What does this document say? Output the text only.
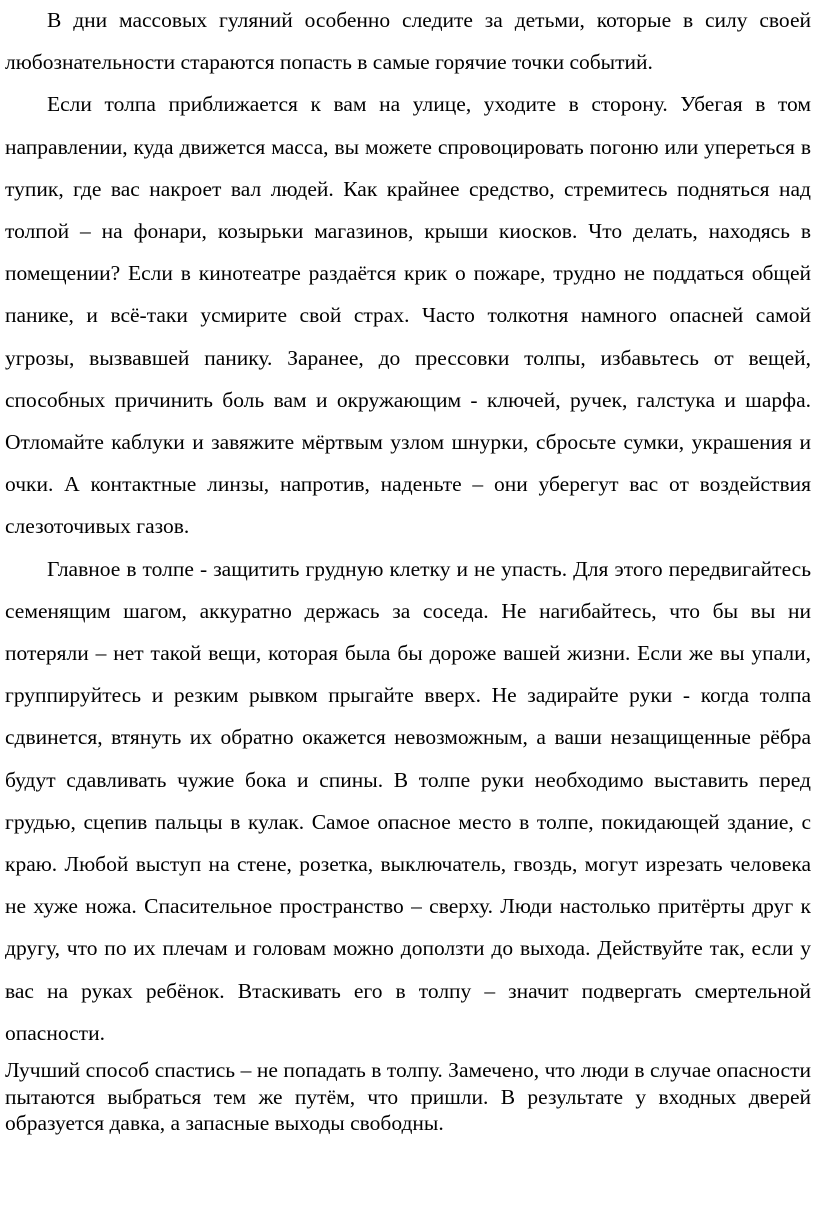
В дни массовых гуляний особенно следите за детьми, которые в силу своей любознательности стараются попасть в самые горячие точки событий.

Если толпа приближается к вам на улице, уходите в сторону. Убегая в том направлении, куда движется масса, вы можете спровоцировать погоню или упереться в тупик, где вас накроет вал людей. Как крайнее средство, стремитесь подняться над толпой – на фонари, козырьки магазинов, крыши киосков. Что делать, находясь в помещении? Если в кинотеатре раздаётся крик о пожаре, трудно не поддаться общей панике, и всё-таки усмирите свой страх. Часто толкотня намного опасней самой угрозы, вызвавшей панику. Заранее, до прессовки толпы, избавьтесь от вещей, способных причинить боль вам и окружающим - ключей, ручек, галстука и шарфа. Отломайте каблуки и завяжите мёртвым узлом шнурки, сбросьте сумки, украшения и очки. А контактные линзы, напротив, наденьте – они уберегут вас от воздействия слезоточивых газов.

Главное в толпе - защитить грудную клетку и не упасть. Для этого передвигайтесь семенящим шагом, аккуратно держась за соседа. Не нагибайтесь, что бы вы ни потеряли – нет такой вещи, которая была бы дороже вашей жизни. Если же вы упали, группируйтесь и резким рывком прыгайте вверх. Не задирайте руки - когда толпа сдвинется, втянуть их обратно окажется невозможным, а ваши незащищенные рёбра будут сдавливать чужие бока и спины. В толпе руки необходимо выставить перед грудью, сцепив пальцы в кулак. Самое опасное место в толпе, покидающей здание, с краю. Любой выступ на стене, розетка, выключатель, гвоздь, могут изрезать человека не хуже ножа. Спасительное пространство – сверху. Люди настолько притёрты друг к другу, что по их плечам и головам можно доползти до выхода. Действуйте так, если у вас на руках ребёнок. Втаскивать его в толпу – значит подвергать смертельной опасности.

Лучший способ спастись – не попадать в толпу. Замечено, что люди в случае опасности пытаются выбраться тем же путём, что пришли. В результате у входных дверей образуется давка, а запасные выходы свободны.
